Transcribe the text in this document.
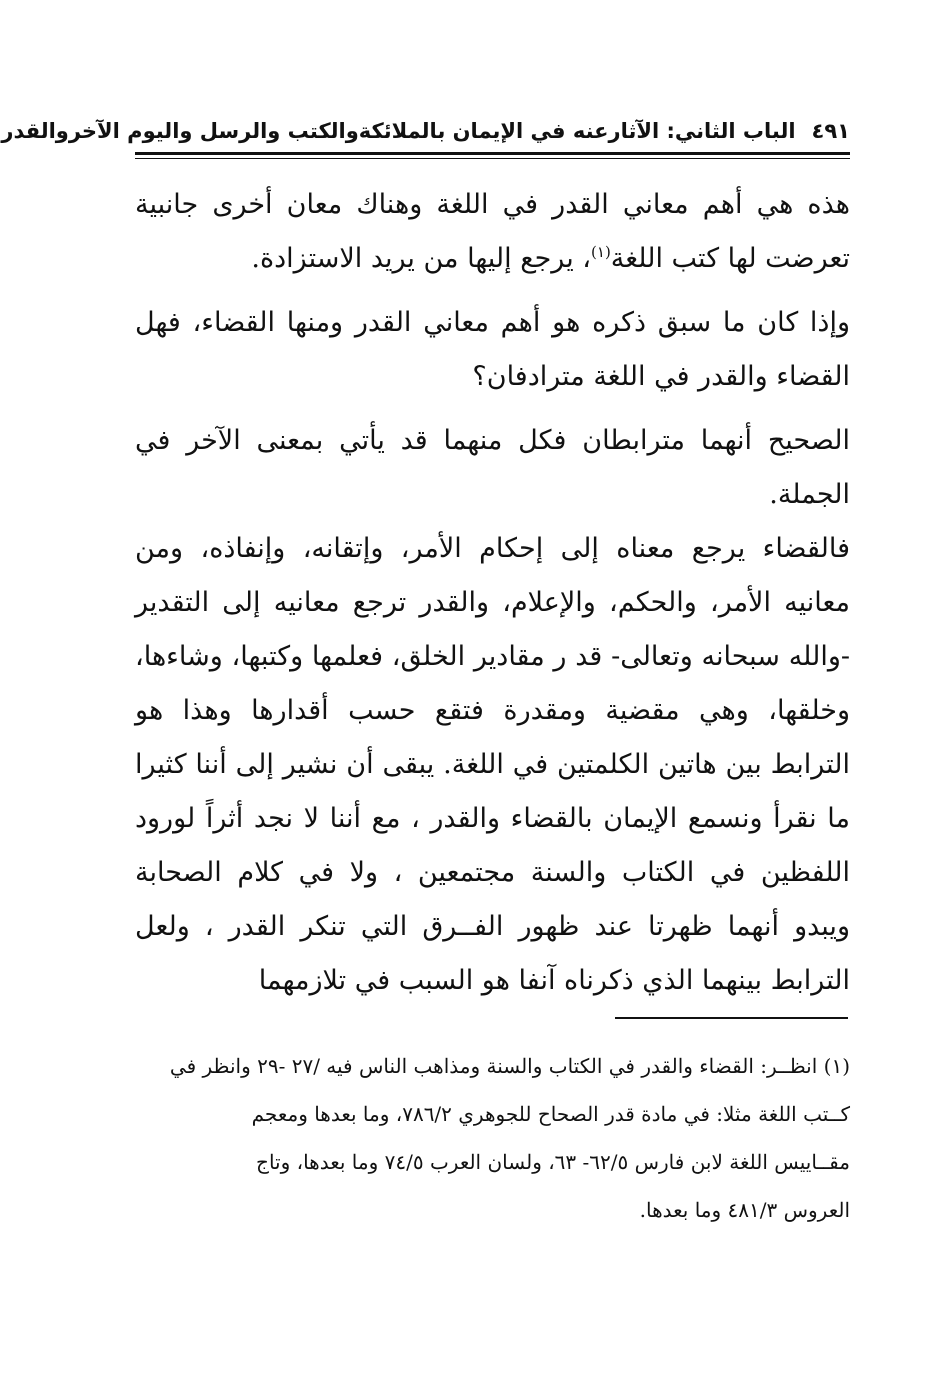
٤٩١
الباب الثاني: الآثارعنه في الإيمان بالملائكةوالكتب والرسل واليوم الآخروالقدر

هذه هي أهم معاني القدر في اللغة وهناك معان أخرى جانبية تعرضت لها كتب اللغة$^{(١)}$، يرجع إليها من يريد الاستزادة.

وإذا كان ما سبق ذكره هو أهم معاني القدر ومنها القضاء، فهل القضاء والقدر في اللغة مترادفان؟

الصحيح أنهما مترابطان فكل منهما قد يأتي بمعنى الآخر في الجملة.

فالقضاء يرجع معناه إلى إحكام الأمر، وإتقانه، وإنفاذه، ومن معانيه الأمر، والحكم، والإعلام، والقدر ترجع معانيه إلى التقدير -والله سبحانه وتعالى- قد ر مقادير الخلق، فعلمها وكتبها، وشاءها، وخلقها، وهي مقضية ومقدرة فتقع حسب أقدارها وهذا هو الترابط بين هاتين الكلمتين في اللغة. يبقى أن نشير إلى أننا كثيرا ما نقرأ ونسمع الإيمان بالقضاء والقدر ، مع أننا لا نجد أثراً لورود اللفظين في الكتاب والسنة مجتمعين ، ولا في كلام الصحابة ويبدو أنهما ظهرتا عند ظهور الفــرق التي تنكر القدر ، ولعل الترابط بينهما الذي ذكرناه آنفا هو السبب في تلازمهما

(١) انظــر: القضاء والقدر في الكتاب والسنة ومذاهب الناس فيه /٢٧ -٢٩ وانظر في

كــتب اللغة مثلا: في مادة قدر الصحاح للجوهري ٧٨٦/٢، وما بعدها ومعجم

مقــاييس اللغة لابن فارس ٦٢/٥- ٦٣، ولسان العرب ٧٤/٥ وما بعدها، وتاج

العروس ٤٨١/٣ وما بعدها.
